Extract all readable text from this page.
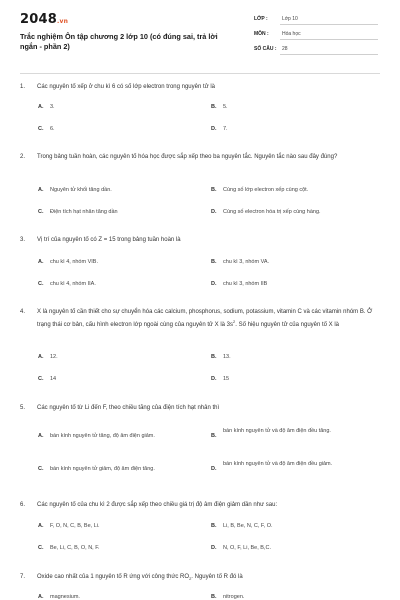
2048.vn
Trắc nghiệm Ôn tập chương 2 lớp 10 (có đúng sai, trả lời ngắn - phần 2)
LỚP :	Lớp 10
MÔN :	Hóa học
SỐ CÂU : 28
1.	Các nguyên tố xếp ở chu kì 6 có số lớp electron trong nguyên tử là
A. 3.	B. 5.
C. 6.	D. 7.
2.	Trong bảng tuần hoàn, các nguyên tố hóa học được sắp xếp theo ba nguyên tắc. Nguyên tắc nào sau đây đúng?
A. Nguyên tử khối tăng dần.	B. Cùng số lớp electron xếp cùng cột.
C. Điện tích hạt nhân tăng dần	D. Cùng số electron hóa trị xếp cùng hàng.
3.	Vị trí của nguyên tố có Z = 15 trong bảng tuần hoàn là
A. chu kì 4, nhóm VIB.	B. chu kì 3, nhóm VA.
C. chu kì 4, nhóm IIA.	D. chu kì 3, nhóm IIB
4.	X là nguyên tố cần thiết cho sự chuyển hóa các calcium, phosphorus, sodium, potassium, vitamin C và các vitamin nhóm B. Ở trạng thái cơ bản, cấu hình electron lớp ngoài cùng của nguyên tử X là $3s^2$. Số hiệu nguyên tử của nguyên tố X là
A. 12.	B. 13.
C. 14	D. 15
5.	Các nguyên tố từ Li đến F, theo chiều tăng của điện tích hạt nhân thì
A. bán kính nguyên tử tăng, độ âm điện giảm.	B.
bán kính nguyên tử và độ âm điện đều tăng.
C. bán kính nguyên tử giảm, độ âm điện tăng.	D.
bán kính nguyên tử và độ âm điện đều giảm.
6.	Các nguyên tố của chu kì 2 được sắp xếp theo chiều giá trị độ âm điện giảm dần như sau:
A. F, O, N, C, B, Be, Li.	B. Li, B, Be, N, C, F, O.
C. Be, Li, C, B, O, N, F.	D. N, O, F, Li, Be, B,C.
7.	Oxide cao nhất của 1 nguyên tố R ứng với công thức $RO_2$. Nguyên tố R đó là
A. magnesium.	B. nitrogen.
